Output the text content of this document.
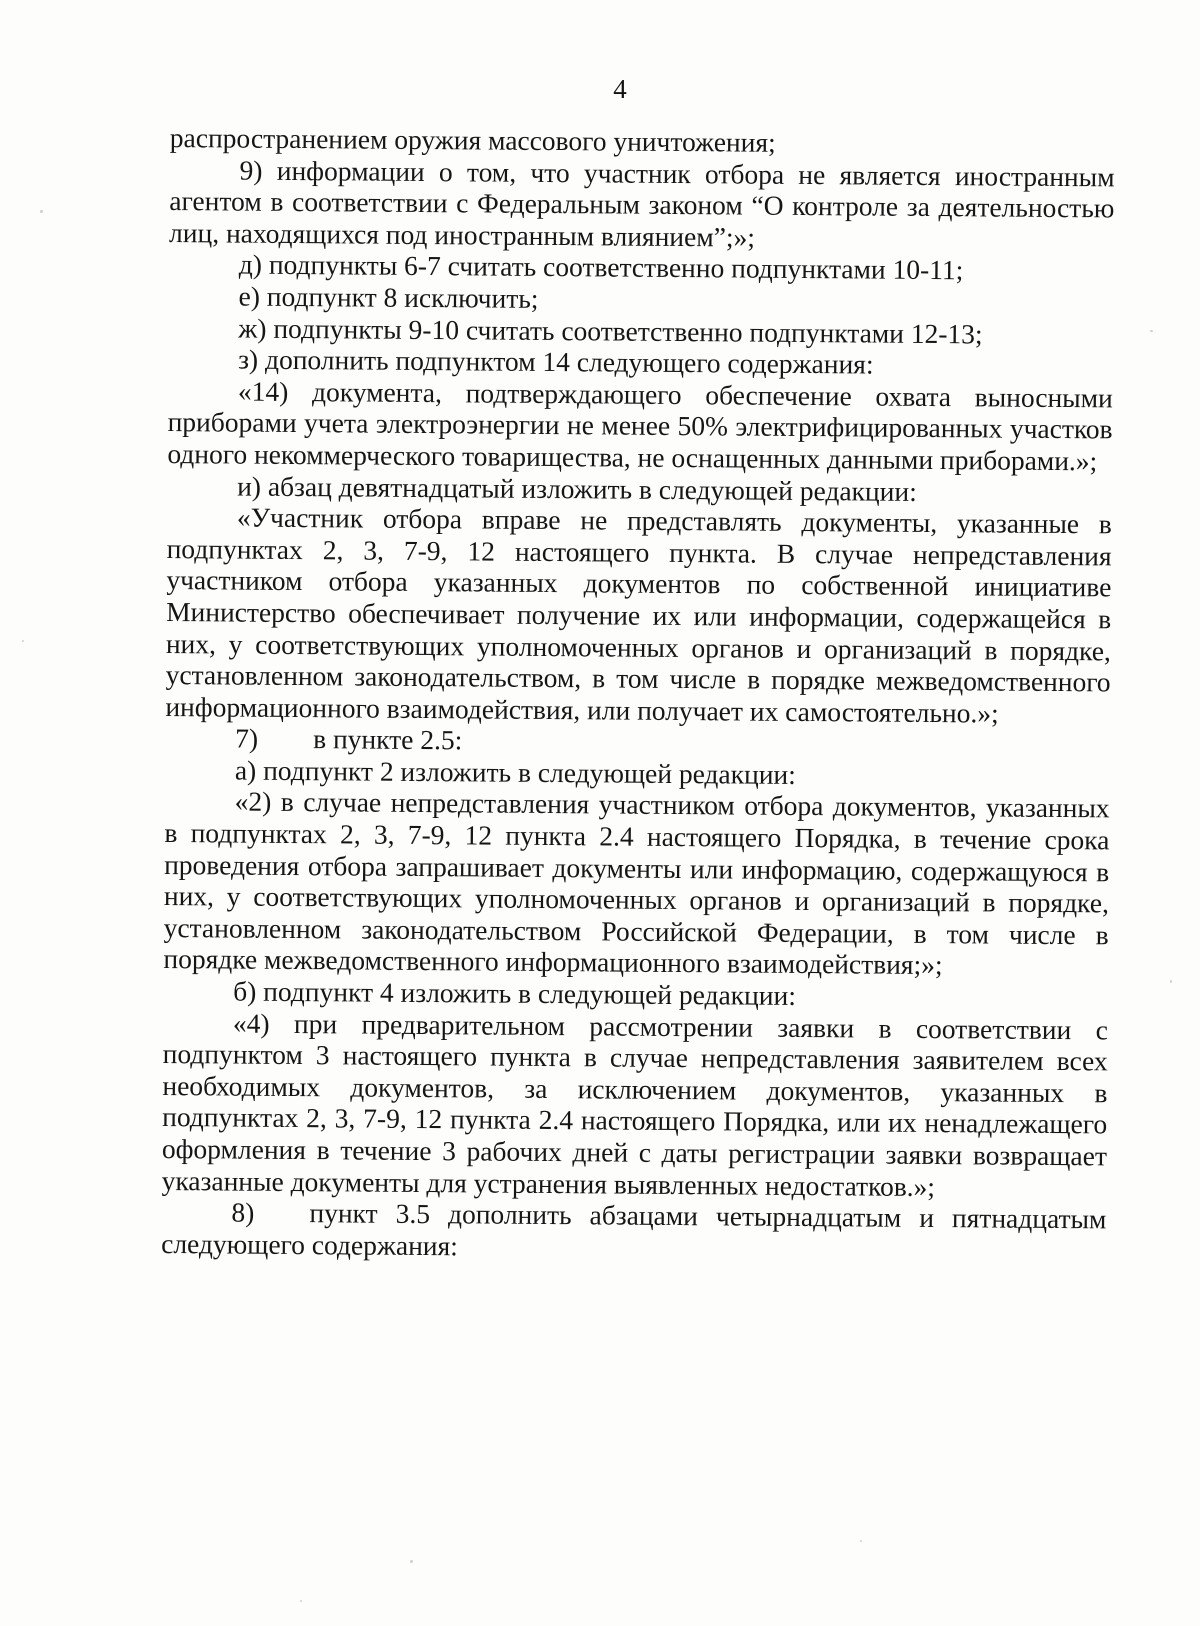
4

распространением оружия массового уничтожения;

9) информации о том, что участник отбора не является иностранным агентом в соответствии с Федеральным законом “О контроле за деятельностью лиц, находящихся под иностранным влиянием”;»;

д) подпункты 6-7 считать соответственно подпунктами 10-11;

е) подпункт 8 исключить;

ж) подпункты 9-10 считать соответственно подпунктами 12-13;

з) дополнить подпунктом 14 следующего содержания:

«14) документа, подтверждающего обеспечение охвата выносными приборами учета электроэнергии не менее 50% электрифицированных участков одного некоммерческого товарищества, не оснащенных данными приборами.»;

и) абзац девятнадцатый изложить в следующей редакции:

«Участник отбора вправе не представлять документы, указанные в подпунктах 2, 3, 7-9, 12 настоящего пункта. В случае непредставления участником отбора указанных документов по собственной инициативе Министерство обеспечивает получение их или информации, содержащейся в них, у соответствующих уполномоченных органов и организаций в порядке, установленном законодательством, в том числе в порядке межведомственного информационного взаимодействия, или получает их самостоятельно.»;

7) в пункте 2.5:

а) подпункт 2 изложить в следующей редакции:

«2) в случае непредставления участником отбора документов, указанных в подпунктах 2, 3, 7-9, 12 пункта 2.4 настоящего Порядка, в течение срока проведения отбора запрашивает документы или информацию, содержащуюся в них, у соответствующих уполномоченных органов и организаций в порядке, установленном законодательством Российской Федерации, в том числе в порядке межведомственного информационного взаимодействия;»;

б) подпункт 4 изложить в следующей редакции:

«4) при предварительном рассмотрении заявки в соответствии с подпунктом 3 настоящего пункта в случае непредставления заявителем всех необходимых документов, за исключением документов, указанных в подпунктах 2, 3, 7-9, 12 пункта 2.4 настоящего Порядка, или их ненадлежащего оформления в течение 3 рабочих дней с даты регистрации заявки возвращает указанные документы для устранения выявленных недостатков.»;

8) пункт 3.5 дополнить абзацами четырнадцатым и пятнадцатым следующего содержания:
